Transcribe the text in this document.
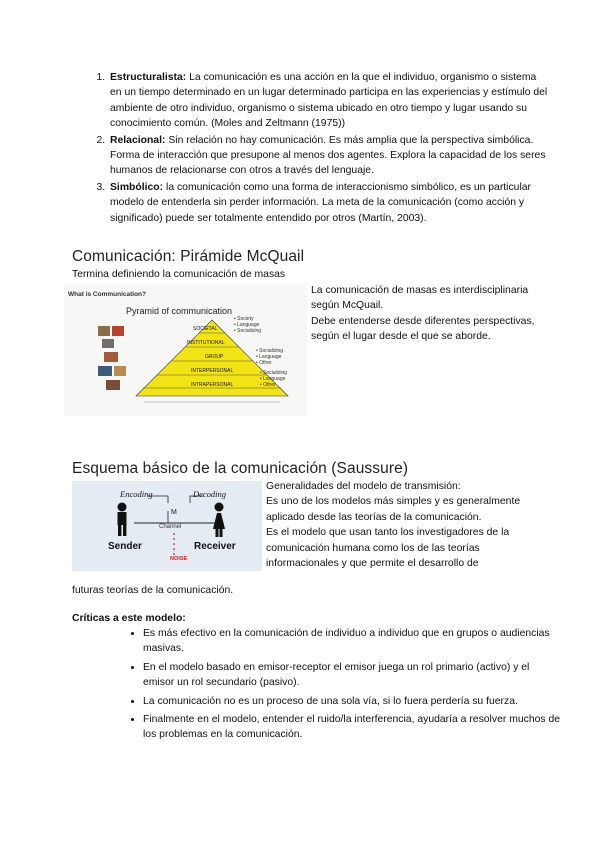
1. Estructuralista: La comunicación es una acción en la que el individuo, organismo o sistema en un tiempo determinado en un lugar determinado participa en las experiencias y estímulo del ambiente de otro individuo, organismo o sistema ubicado en otro tiempo y lugar usando su conocimiento común. (Moles and Zeltmann (1975))
2. Relacional: Sin relación no hay comunicación. Es más amplia que la perspectiva simbólica. Forma de interacción que presupone al menos dos agentes. Explora la capacidad de los seres humanos de relacionarse con otros a través del lenguaje.
3. Simbólico: la comunicación como una forma de interaccionismo simbólico, es un particular modelo de entenderla sin perder información. La meta de la comunicación (como acción y significado) puede ser totalmente entendido por otros (Martín, 2003).
Comunicación: Pirámide McQuail
Termina definiendo la comunicación de masas
What is Communication?
Pyramid of communication
SOCIETAL
INSTITUTIONAL
GROUP
INTERPERSONAL
INTRAPERSONAL
• Society
• Language
• Socializing
• Socializing
• Language
• Other
• Socializing
• Language
• Other
La comunicación de masas es interdisciplinaria según McQuail.
Debe entenderse desde diferentes perspectivas, según el lugar desde el que se aborde.
Esquema básico de la comunicación (Saussure)
Encoding	Decoding
M
Channel
NOISE
Sender	Receiver
Generalidades del modelo de transmisión:
Es uno de los modelos más simples y es generalmente aplicado desde las teorías de la comunicación.
Es el modelo que usan tanto los investigadores de la comunicación humana como los de las teorías informacionales y que permite el desarrollo de
futuras teorías de la comunicación.
Críticas a este modelo:
• Es más efectivo en la comunicación de individuo a individuo que en grupos o audiencias masivas.
• En el modelo basado en emisor-receptor el emisor juega un rol primario (activo) y el emisor un rol secundario (pasivo).
• La comunicación no es un proceso de una sola vía, si lo fuera perdería su fuerza.
• Finalmente en el modelo, entender el ruido/la interferencia, ayudaría a resolver muchos de los problemas en la comunicación.
